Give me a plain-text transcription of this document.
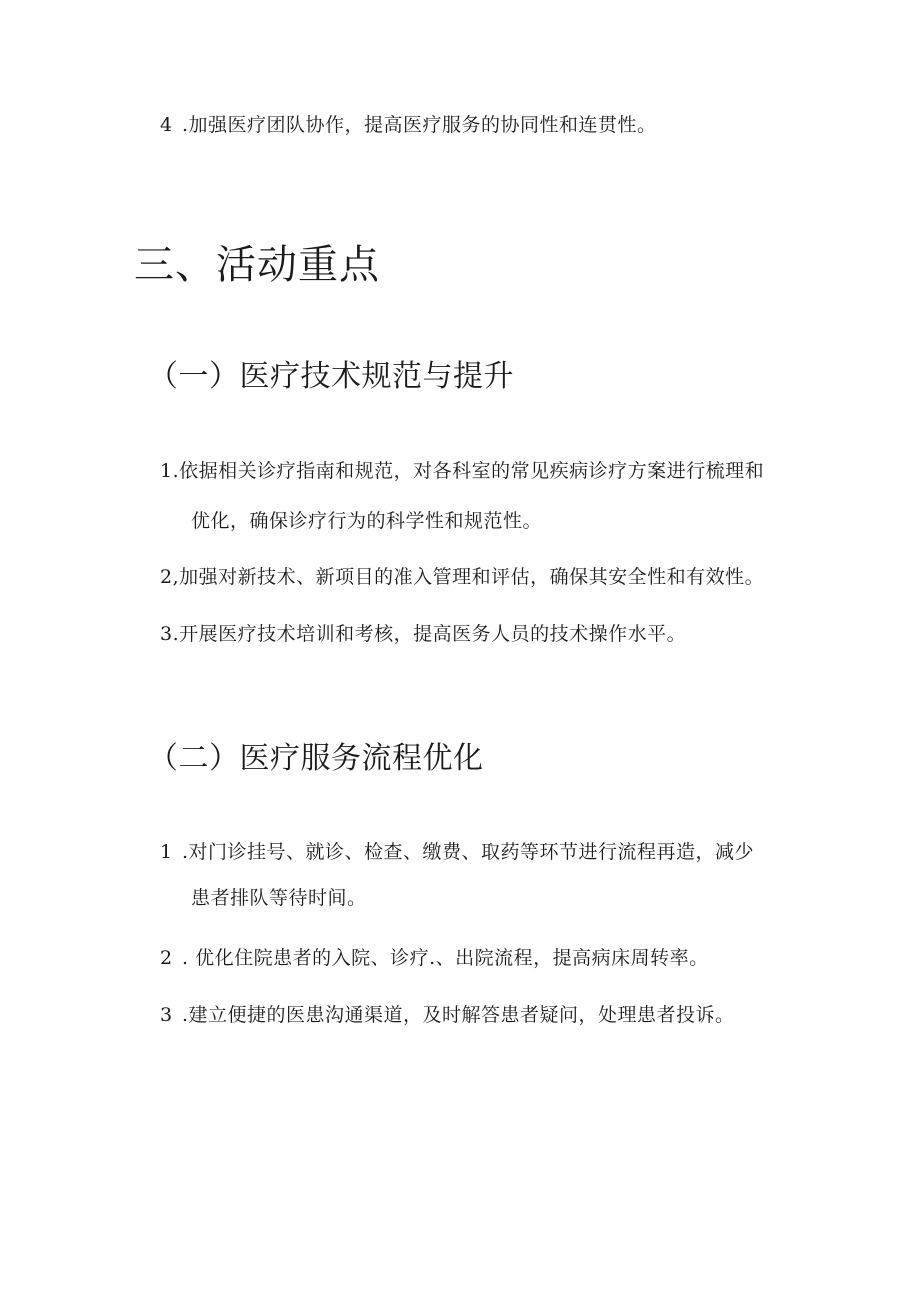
4 .加强医疗团队协作，提高医疗服务的协同性和连贯性。
三、活动重点
（一）医疗技术规范与提升
1.依据相关诊疗指南和规范，对各科室的常见疾病诊疗方案进行梳理和
优化，确保诊疗行为的科学性和规范性。
2,加强对新技术、新项目的准入管理和评估，确保其安全性和有效性。
3.开展医疗技术培训和考核，提高医务人员的技术操作水平。
（二）医疗服务流程优化
1 .对门诊挂号、就诊、检查、缴费、取药等环节进行流程再造，减少
患者排队等待时间。
2 . 优化住院患者的入院、诊疗.、出院流程，提高病床周转率。
3 .建立便捷的医患沟通渠道，及时解答患者疑问，处理患者投诉。
